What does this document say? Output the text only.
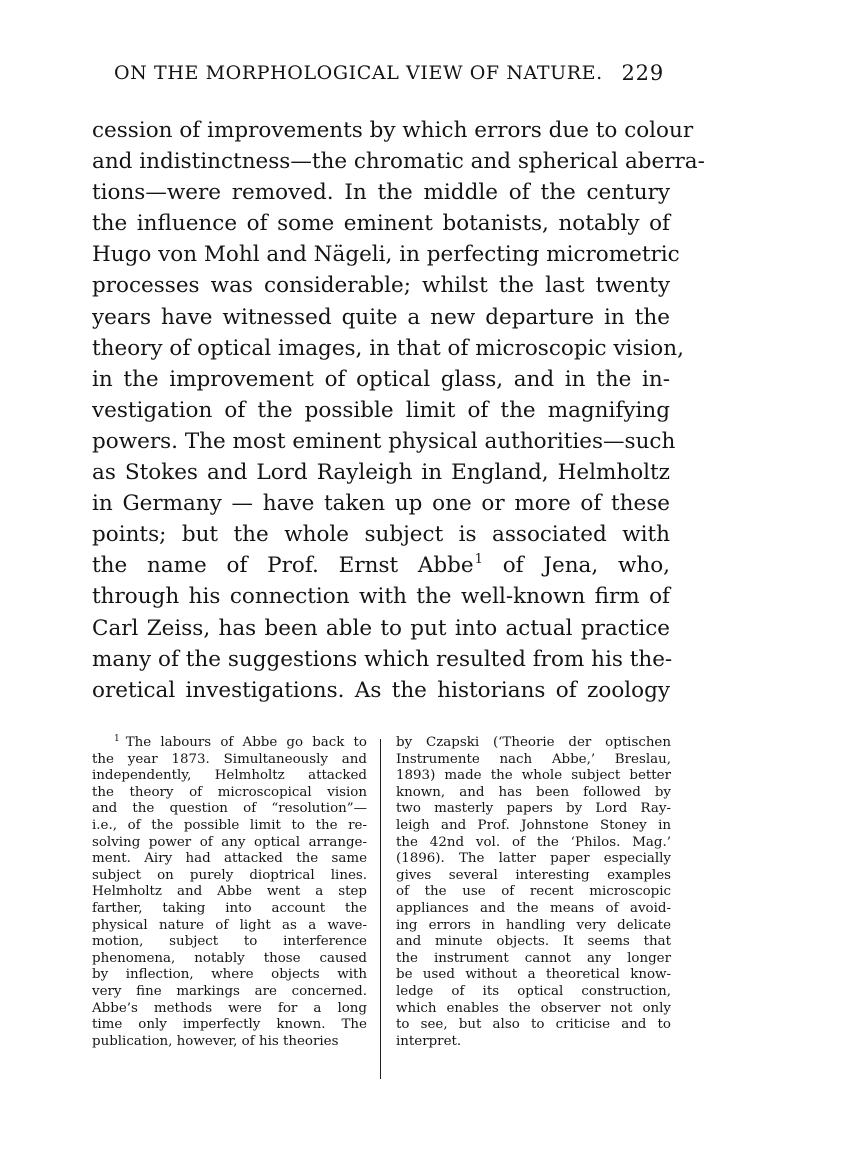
ON THE MORPHOLOGICAL VIEW OF NATURE. 229
cession of improvements by which errors due to colour
and indistinctness—the chromatic and spherical aberra-
tions—were removed. In the middle of the century
the influence of some eminent botanists, notably of
Hugo von Mohl and Nägeli, in perfecting micrometric
processes was considerable; whilst the last twenty
years have witnessed quite a new departure in the
theory of optical images, in that of microscopic vision,
in the improvement of optical glass, and in the in-
vestigation of the possible limit of the magnifying
powers. The most eminent physical authorities—such
as Stokes and Lord Rayleigh in England, Helmholtz
in Germany — have taken up one or more of these
points; but the whole subject is associated with
the name of Prof. Ernst Abbe$^1$ of Jena, who,
through his connection with the well-known firm of
Carl Zeiss, has been able to put into actual practice
many of the suggestions which resulted from his the-
oretical investigations. As the historians of zoology
$^1$ The labours of Abbe go back to
the year 1873. Simultaneously and
independently, Helmholtz attacked
the theory of microscopical vision
and the question of “resolution”—
i.e., of the possible limit to the re-
solving power of any optical arrange-
ment. Airy had attacked the same
subject on purely dioptrical lines.
Helmholtz and Abbe went a step
farther, taking into account the
physical nature of light as a wave-
motion, subject to interference
phenomena, notably those caused
by inflection, where objects with
very fine markings are concerned.
Abbe’s methods were for a long
time only imperfectly known. The
publication, however, of his theories
by Czapski (‘Theorie der optischen
Instrumente nach Abbe,’ Breslau,
1893) made the whole subject better
known, and has been followed by
two masterly papers by Lord Ray-
leigh and Prof. Johnstone Stoney in
the 42nd vol. of the ‘Philos. Mag.’
(1896). The latter paper especially
gives several interesting examples
of the use of recent microscopic
appliances and the means of avoid-
ing errors in handling very delicate
and minute objects. It seems that
the instrument cannot any longer
be used without a theoretical know-
ledge of its optical construction,
which enables the observer not only
to see, but also to criticise and to
interpret.
